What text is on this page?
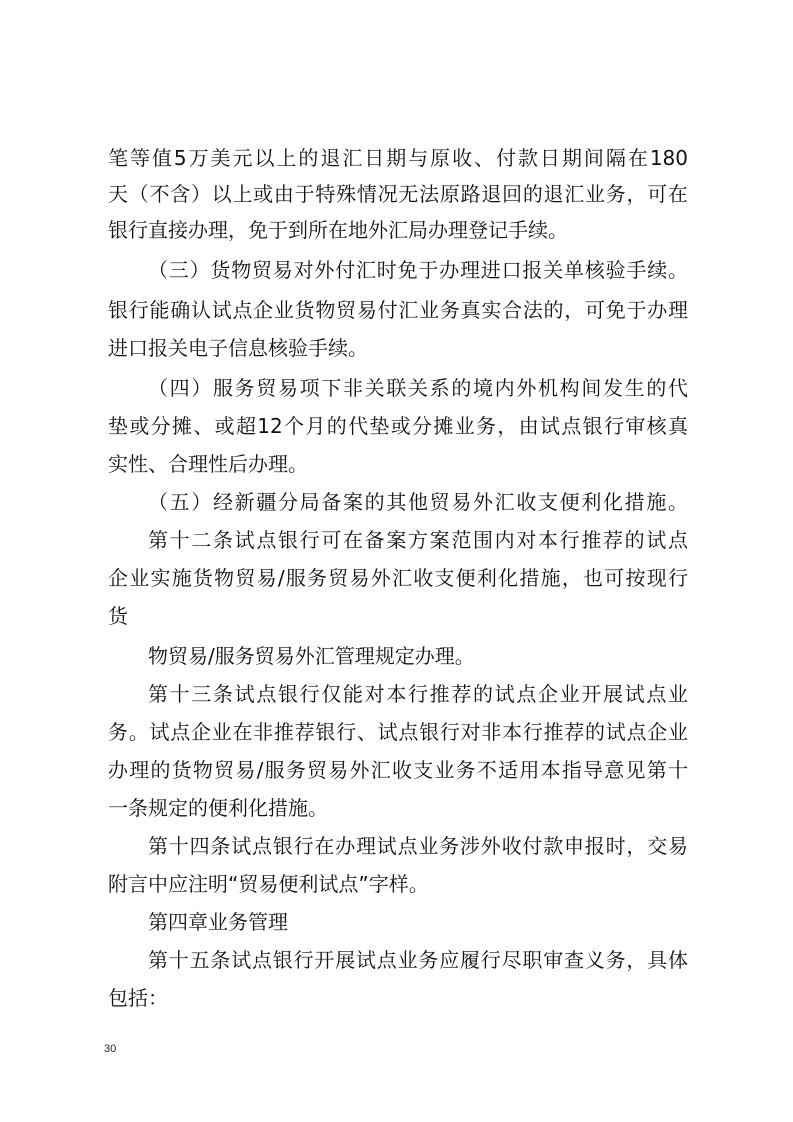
笔等值5万美元以上的退汇日期与原收、付款日期间隔在180

天（不含）以上或由于特殊情况无法原路退回的退汇业务，可在

银行直接办理，免于到所在地外汇局办理登记手续。

（三）货物贸易对外付汇时免于办理进口报关单核验手续。

银行能确认试点企业货物贸易付汇业务真实合法的，可免于办理

进口报关电子信息核验手续。

（四）服务贸易项下非关联关系的境内外机构间发生的代

垫或分摊、或超12个月的代垫或分摊业务，由试点银行审核真

实性、合理性后办理。

（五）经新疆分局备案的其他贸易外汇收支便利化措施。

第十二条试点银行可在备案方案范围内对本行推荐的试点

企业实施货物贸易/服务贸易外汇收支便利化措施，也可按现行

货

物贸易/服务贸易外汇管理规定办理。

第十三条试点银行仅能对本行推荐的试点企业开展试点业

务。试点企业在非推荐银行、试点银行对非本行推荐的试点企业

办理的货物贸易/服务贸易外汇收支业务不适用本指导意见第十

一条规定的便利化措施。

第十四条试点银行在办理试点业务涉外收付款申报时，交易

附言中应注明“贸易便利试点”字样。

第四章业务管理

第十五条试点银行开展试点业务应履行尽职审查义务，具体

包括：

30
